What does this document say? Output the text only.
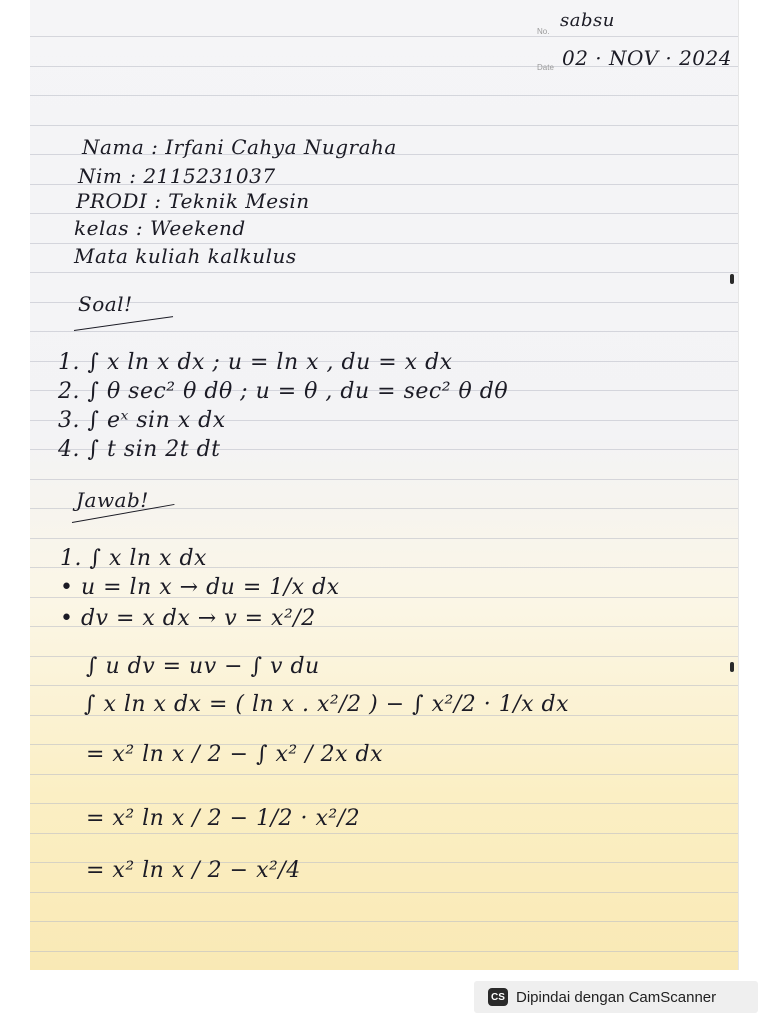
No.
sabsu
Date 02 · NOV · 2024
Nama : Irfani Cahya Nugraha
Nim : 2115231037
PRODI : Teknik Mesin
kelas : Weekend
Mata kuliah kalkulus
Soal!
1. ∫ x ln x dx ; u = ln x , du = x dx
2. ∫ θ sec² θ dθ ; u = θ , du = sec² θ dθ
3. ∫ eˣ sin x dx
4. ∫ t sin 2t dt
Jawab!
1. ∫ x ln x dx
• u = ln x → du = 1/x dx
• dv = x dx → v = x²/2
∫ u dv = uv − ∫ v du
∫ x ln x dx = ( ln x . x²/2 ) − ∫ x²/2 · 1/x dx
= x² ln x / 2 − ∫ x² / 2x dx
= x² ln x / 2 − 1/2 · x²/2
= x² ln x / 2 − x²/4
CS Dipindai dengan CamScanner
